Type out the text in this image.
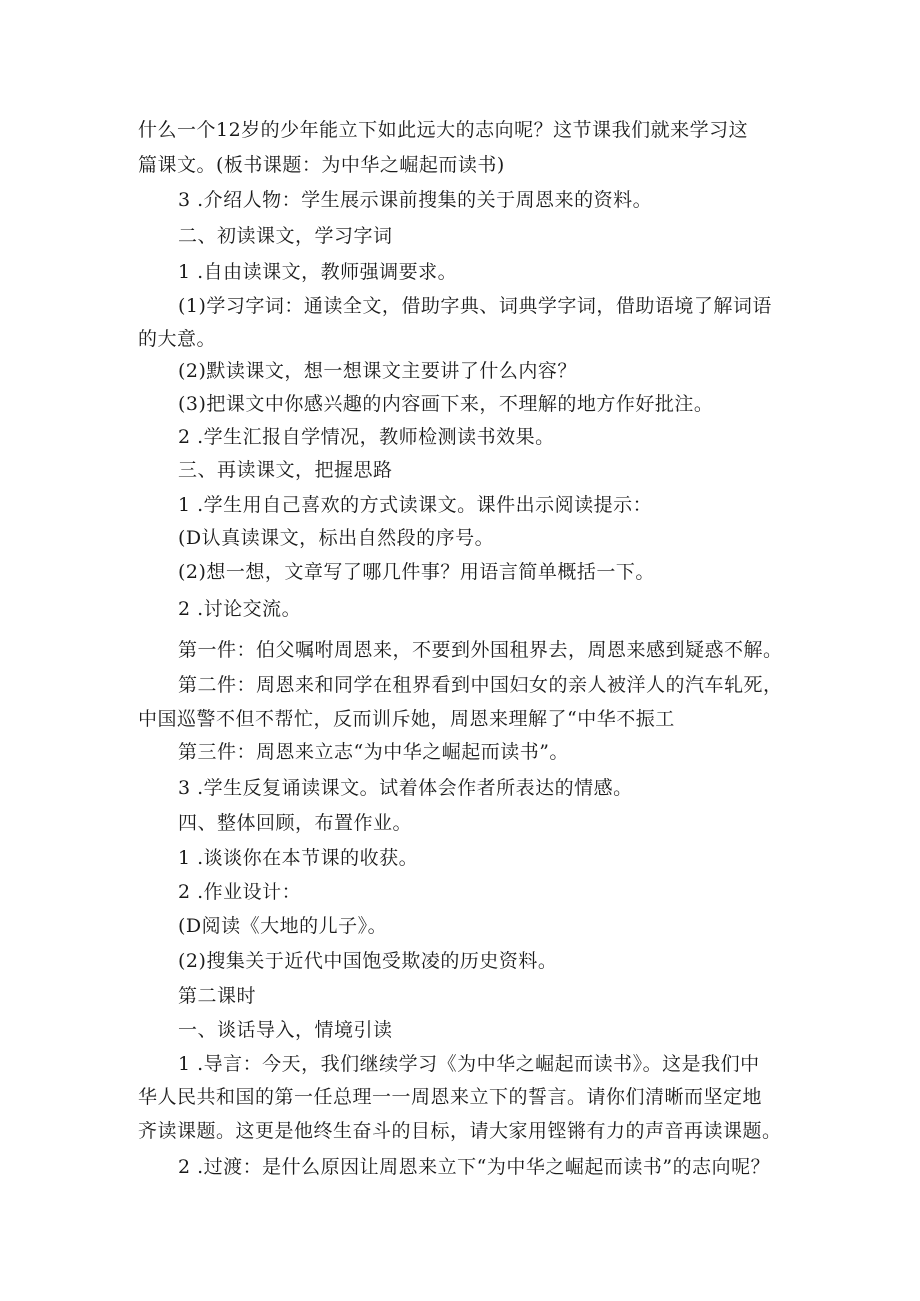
什么一个12岁的少年能立下如此远大的志向呢？这节课我们就来学习这
篇课文。(板书课题：为中华之崛起而读书)
3 .介绍人物：学生展示课前搜集的关于周恩来的资料。
二、初读课文，学习字词
1 .自由读课文，教师强调要求。
(1)学习字词：通读全文，借助字典、词典学字词，借助语境了解词语
的大意。
(2)默读课文，想一想课文主要讲了什么内容？
(3)把课文中你感兴趣的内容画下来，不理解的地方作好批注。
2 .学生汇报自学情况，教师检测读书效果。
三、再读课文，把握思路
1 .学生用自己喜欢的方式读课文。课件出示阅读提示：
(D认真读课文，标出自然段的序号。
(2)想一想，文章写了哪几件事？用语言简单概括一下。
2 .讨论交流。
第一件：伯父嘱咐周恩来，不要到外国租界去，周恩来感到疑惑不解。
第二件：周恩来和同学在租界看到中国妇女的亲人被洋人的汽车轧死，
中国巡警不但不帮忙，反而训斥她，周恩来理解了“中华不振工
第三件：周恩来立志“为中华之崛起而读书”。
3 .学生反复诵读课文。试着体会作者所表达的情感。
四、整体回顾，布置作业。
1 .谈谈你在本节课的收获。
2 .作业设计：
(D阅读《大地的儿子》。
(2)搜集关于近代中国饱受欺凌的历史资料。
第二课时
一、谈话导入，情境引读
1 .导言：今天，我们继续学习《为中华之崛起而读书》。这是我们中
华人民共和国的第一任总理一一周恩来立下的誓言。请你们清晰而坚定地
齐读课题。这更是他终生奋斗的目标，请大家用铿锵有力的声音再读课题。
2 .过渡：是什么原因让周恩来立下“为中华之崛起而读书”的志向呢？
